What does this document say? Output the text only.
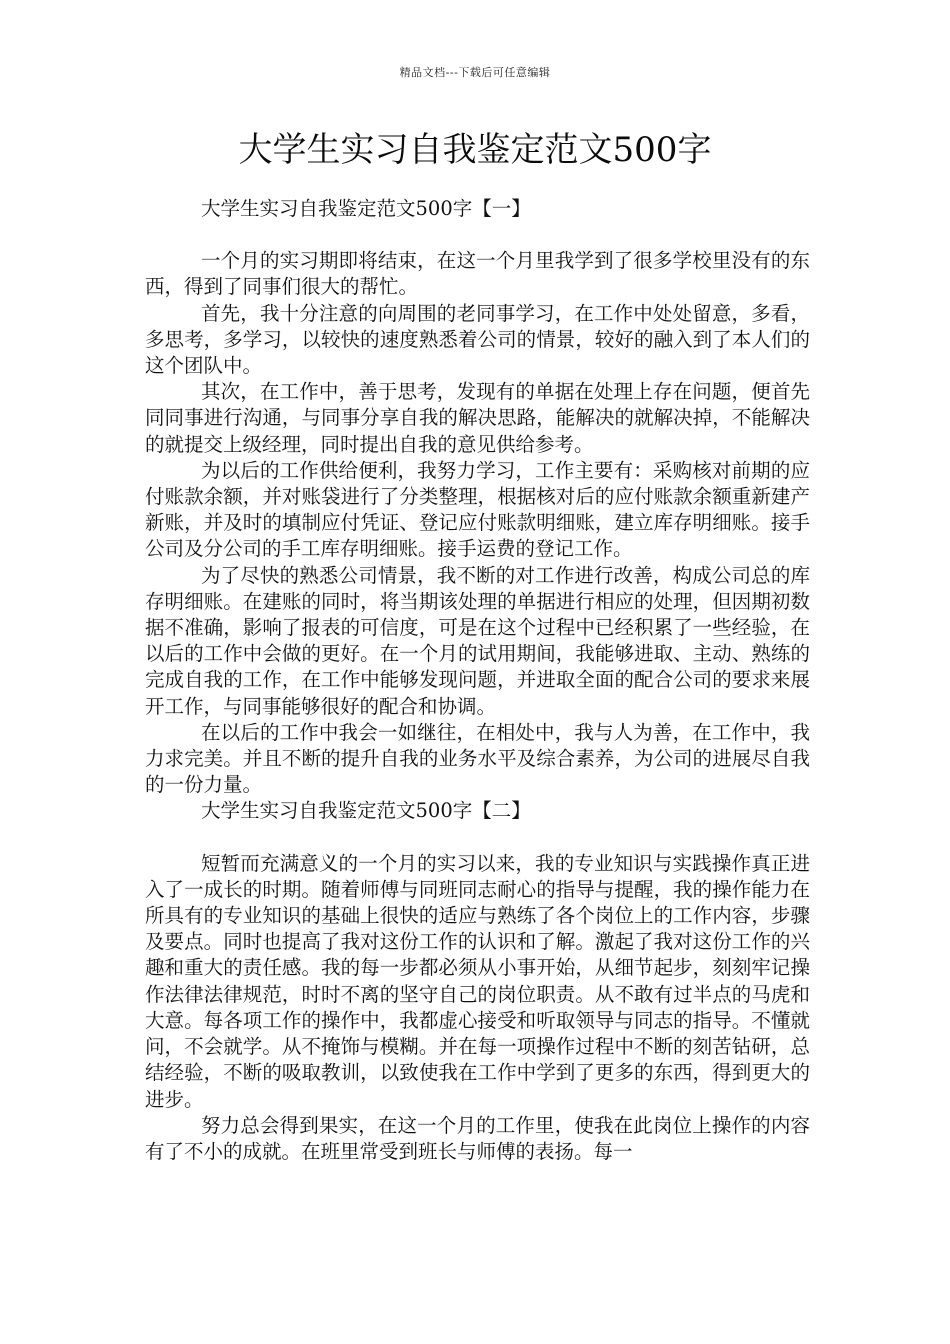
精品文档---下载后可任意编辑
大学生实习自我鉴定范文500字
大学生实习自我鉴定范文500字【一】

一个月的实习期即将结束，在这一个月里我学到了很多学校里没有的东西，得到了同事们很大的帮忙。

首先，我十分注意的向周围的老同事学习，在工作中处处留意，多看，多思考，多学习，以较快的速度熟悉着公司的情景，较好的融入到了本人们的这个团队中。

其次，在工作中，善于思考，发现有的单据在处理上存在问题，便首先同同事进行沟通，与同事分享自我的解决思路，能解决的就解决掉，不能解决的就提交上级经理，同时提出自我的意见供给参考。

为以后的工作供给便利，我努力学习，工作主要有：采购核对前期的应付账款余额，并对账袋进行了分类整理，根据核对后的应付账款余额重新建产新账，并及时的填制应付凭证、登记应付账款明细账，建立库存明细账。接手公司及分公司的手工库存明细账。接手运费的登记工作。

为了尽快的熟悉公司情景，我不断的对工作进行改善，构成公司总的库存明细账。在建账的同时，将当期该处理的单据进行相应的处理，但因期初数据不准确，影响了报表的可信度，可是在这个过程中已经积累了一些经验，在以后的工作中会做的更好。在一个月的试用期间，我能够进取、主动、熟练的完成自我的工作，在工作中能够发现问题，并进取全面的配合公司的要求来展开工作，与同事能够很好的配合和协调。

在以后的工作中我会一如继往，在相处中，我与人为善，在工作中，我力求完美。并且不断的提升自我的业务水平及综合素养，为公司的进展尽自我的一份力量。

大学生实习自我鉴定范文500字【二】

短暂而充满意义的一个月的实习以来，我的专业知识与实践操作真正进入了一成长的时期。随着师傅与同班同志耐心的指导与提醒，我的操作能力在所具有的专业知识的基础上很快的适应与熟练了各个岗位上的工作内容，步骤及要点。同时也提高了我对这份工作的认识和了解。激起了我对这份工作的兴趣和重大的责任感。我的每一步都必须从小事开始，从细节起步，刻刻牢记操作法律法律规范，时时不离的坚守自己的岗位职责。从不敢有过半点的马虎和大意。每各项工作的操作中，我都虚心接受和听取领导与同志的指导。不懂就问，不会就学。从不掩饰与模糊。并在每一项操作过程中不断的刻苦钻研，总结经验，不断的吸取教训，以致使我在工作中学到了更多的东西，得到更大的进步。

努力总会得到果实，在这一个月的工作里，使我在此岗位上操作的内容有了不小的成就。在班里常受到班长与师傅的表扬。每一
